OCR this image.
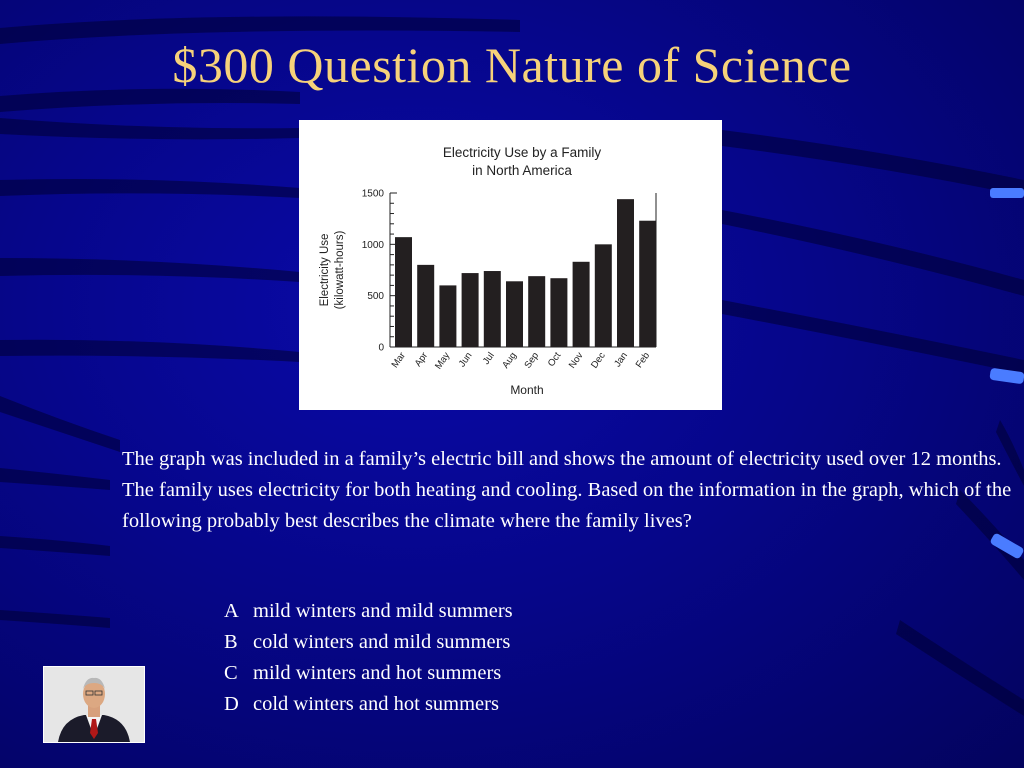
$300 Question Nature of Science
Electricity Use by a Family
in North America
0
500
1000
1500
Electricity Use (kilowatt-hours)
Mar Apr May Jun Jul Aug Sep Oct Nov Dec Jan Feb
Month
The graph was included in a family’s electric bill and shows the amount of electricity used over 12 months. The family uses electricity for both heating and cooling. Based on the information in the graph, which of the following probably best describes the climate where the family lives?
A mild winters and mild summers
B cold winters and mild summers
C mild winters and hot summers
D cold winters and hot summers
